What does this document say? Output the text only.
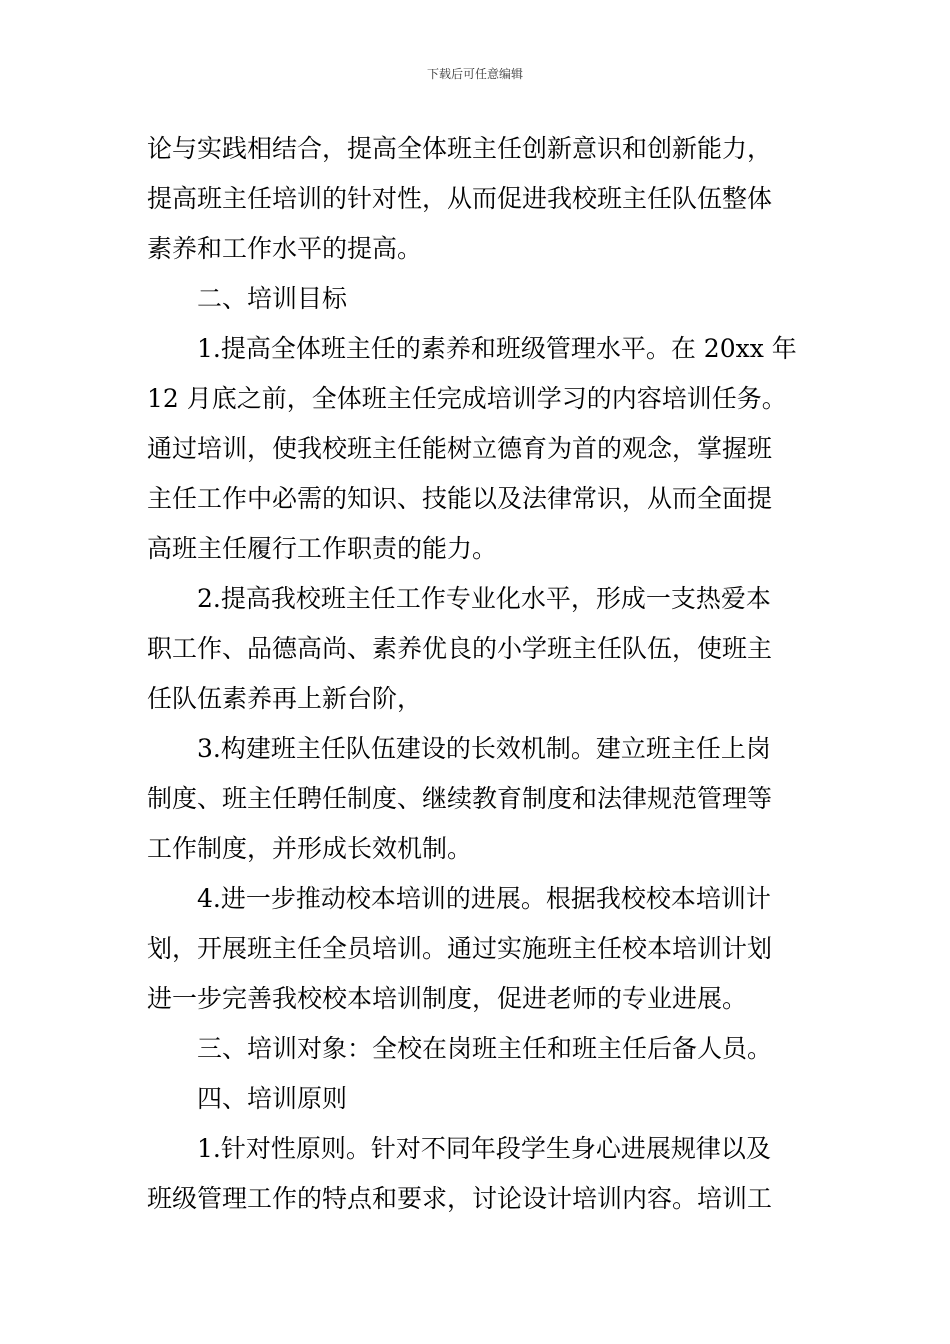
下载后可任意编辑
论与实践相结合，提高全体班主任创新意识和创新能力，
提高班主任培训的针对性，从而促进我校班主任队伍整体
素养和工作水平的提高。
二、培训目标
1.提高全体班主任的素养和班级管理水平。在 20xx 年
12 月底之前，全体班主任完成培训学习的内容培训任务。
通过培训，使我校班主任能树立德育为首的观念，掌握班
主任工作中必需的知识、技能以及法律常识，从而全面提
高班主任履行工作职责的能力。
2.提高我校班主任工作专业化水平，形成一支热爱本
职工作、品德高尚、素养优良的小学班主任队伍，使班主
任队伍素养再上新台阶，
3.构建班主任队伍建设的长效机制。建立班主任上岗
制度、班主任聘任制度、继续教育制度和法律规范管理等
工作制度，并形成长效机制。
4.进一步推动校本培训的进展。根据我校校本培训计
划，开展班主任全员培训。通过实施班主任校本培训计划
进一步完善我校校本培训制度，促进老师的专业进展。
三、培训对象：全校在岗班主任和班主任后备人员。
四、培训原则
1.针对性原则。针对不同年段学生身心进展规律以及
班级管理工作的特点和要求，讨论设计培训内容。培训工
